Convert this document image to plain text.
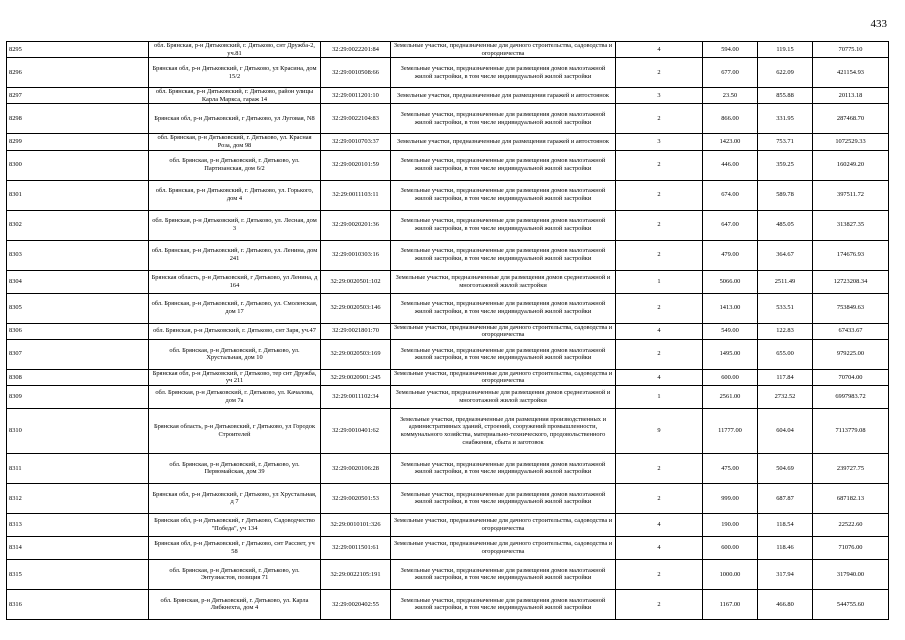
433
8295	обл. Брянская, р-н Дятьковский, г. Дятьково, снт Дружба-2, уч.81	32:29:0022201:84	Земельные участки, предназначенные для дачного строительства, садоводства и огородничества	4	594.00	119.15	70775.10
8296	Брянская обл, р-н Дятьковский, г Дятьково, ул Красина, дом 15/2	32:29:0010508:66	Земельные участки, предназначенные для размещения домов малоэтажной жилой застройки, в том числе индивидуальной жилой застройки	2	677.00	622.09	421154.93
8297	обл. Брянская, р-н Дятьковский, г. Дятьково, район улицы Карла Маркса, гараж 14	32:29:0011201:10	Земельные участки, предназначенные для размещения гаражей и автостоянок	3	23.50	855.88	20113.18
8298	Брянская обл, р-н Дятьковский, г Дятьково, ул Луговая, N8	32:29:0022104:83	Земельные участки, предназначенные для размещения домов малоэтажной жилой застройки, в том числе индивидуальной жилой застройки	2	866.00	331.95	287468.70
8299	обл. Брянская, р-н Дятьковский, г. Дятьково, ул. Красная Роза, дом 98	32:29:0010703:37	Земельные участки, предназначенные для размещения гаражей и автостоянок	3	1423.00	753.71	1072529.33
8300	обл. Брянская, р-н Дятьковский, г. Дятьково, ул. Партизанская, дом 6/2	32:29:0020101:59	Земельные участки, предназначенные для размещения домов малоэтажной жилой застройки, в том числе индивидуальной жилой застройки	2	446.00	359.25	160249.20
8301	обл. Брянская, р-н Дятьковский, г. Дятьково, ул. Горького, дом 4	32:29:0011103:11	Земельные участки, предназначенные для размещения домов малоэтажной жилой застройки, в том числе индивидуальной жилой застройки	2	674.00	589.78	397511.72
8302	обл. Брянская, р-н Дятьковский, г. Дятьково, ул. Лесная, дом 3	32:29:0020201:36	Земельные участки, предназначенные для размещения домов малоэтажной жилой застройки, в том числе индивидуальной жилой застройки	2	647.00	485.05	313827.35
8303	обл. Брянская, р-н Дятьковский, г. Дятьково, ул. Ленина, дом 241	32:29:0010303:16	Земельные участки, предназначенные для размещения домов малоэтажной жилой застройки, в том числе индивидуальной жилой застройки	2	479.00	364.67	174676.93
8304	Брянская область, р-н Дятьковский, г Дятьково, ул Ленина, д 164	32:29:0020501:102	Земельные участки, предназначенные для размещения домов среднеэтажной и многоэтажной жилой застройки	1	5066.00	2511.49	12723208.34
8305	обл. Брянская, р-н Дятьковский, г. Дятьково, ул. Смоленская, дом 17	32:29:0020503:146	Земельные участки, предназначенные для размещения домов малоэтажной жилой застройки, в том числе индивидуальной жилой застройки	2	1413.00	533.51	753849.63
8306	обл. Брянская, р-н Дятьковский, г. Дятьково, снт Заря, уч.47	32:29:0021801:70	Земельные участки, предназначенные для дачного строительства, садоводства и огородничества	4	549.00	122.83	67433.67
8307	обл. Брянская, р-н Дятьковский, г. Дятьково, ул. Хрустальная, дом 10	32:29:0020503:169	Земельные участки, предназначенные для размещения домов малоэтажной жилой застройки, в том числе индивидуальной жилой застройки	2	1495.00	655.00	979225.00
8308	Брянская обл, р-н Дятьковский, г Дятьково, тер снт Дружба, уч 211	32:29:0020901:245	Земельные участки, предназначенные для дачного строительства, садоводства и огородничества	4	600.00	117.84	70704.00
8309	обл. Брянская, р-н Дятьковский, г. Дятьково, ул. Качалова, дом 7а	32:29:0011102:34	Земельные участки, предназначенные для размещения домов среднеэтажной и многоэтажной жилой застройки	1	2561.00	2732.52	6997983.72
8310	Брянская область, р-н Дятьковский, г Дятьково, ул Городок Строителей	32:29:0010401:62	Земельные участки, предназначенные для размещения производственных и административных зданий, строений, сооружений промышленности, коммунального хозяйства, материально-технического, продовольственного снабжения, сбыта и заготовок	9	11777.00	604.04	7113779.08
8311	обл. Брянская, р-н Дятьковский, г. Дятьково, ул. Первомайская, дом 39	32:29:0020106:28	Земельные участки, предназначенные для размещения домов малоэтажной жилой застройки, в том числе индивидуальной жилой застройки	2	475.00	504.69	239727.75
8312	Брянская обл, р-н Дятьковский, г Дятьково, ул Хрустальная, д 7	32:29:0020501:53	Земельные участки, предназначенные для размещения домов малоэтажной жилой застройки, в том числе индивидуальной жилой застройки	2	999.00	687.87	687182.13
8313	Брянская обл, р-н Дятьковский, г Дятьково, Садоводчество "Победа", уч 134	32:29:0010101:326	Земельные участки, предназначенные для дачного строительства, садоводства и огородничества	4	190.00	118.54	22522.60
8314	Брянская обл, р-н Дятьковский, г Дятьково, снт Рассвет, уч 58	32:29:0011501:61	Земельные участки, предназначенные для дачного строительства, садоводства и огородничества	4	600.00	118.46	71076.00
8315	обл. Брянская, р-н Дятьковский, г. Дятьково, ул. Энтузиастов, позиция 71	32:29:0022105:191	Земельные участки, предназначенные для размещения домов малоэтажной жилой застройки, в том числе индивидуальной жилой застройки	2	1000.00	317.94	317940.00
8316	обл. Брянская, р-н Дятьковский, г. Дятьково, ул. Карла Либкнехта, дом 4	32:29:0020402:55	Земельные участки, предназначенные для размещения домов малоэтажной жилой застройки, в том числе индивидуальной жилой застройки	2	1167.00	466.80	544755.60
